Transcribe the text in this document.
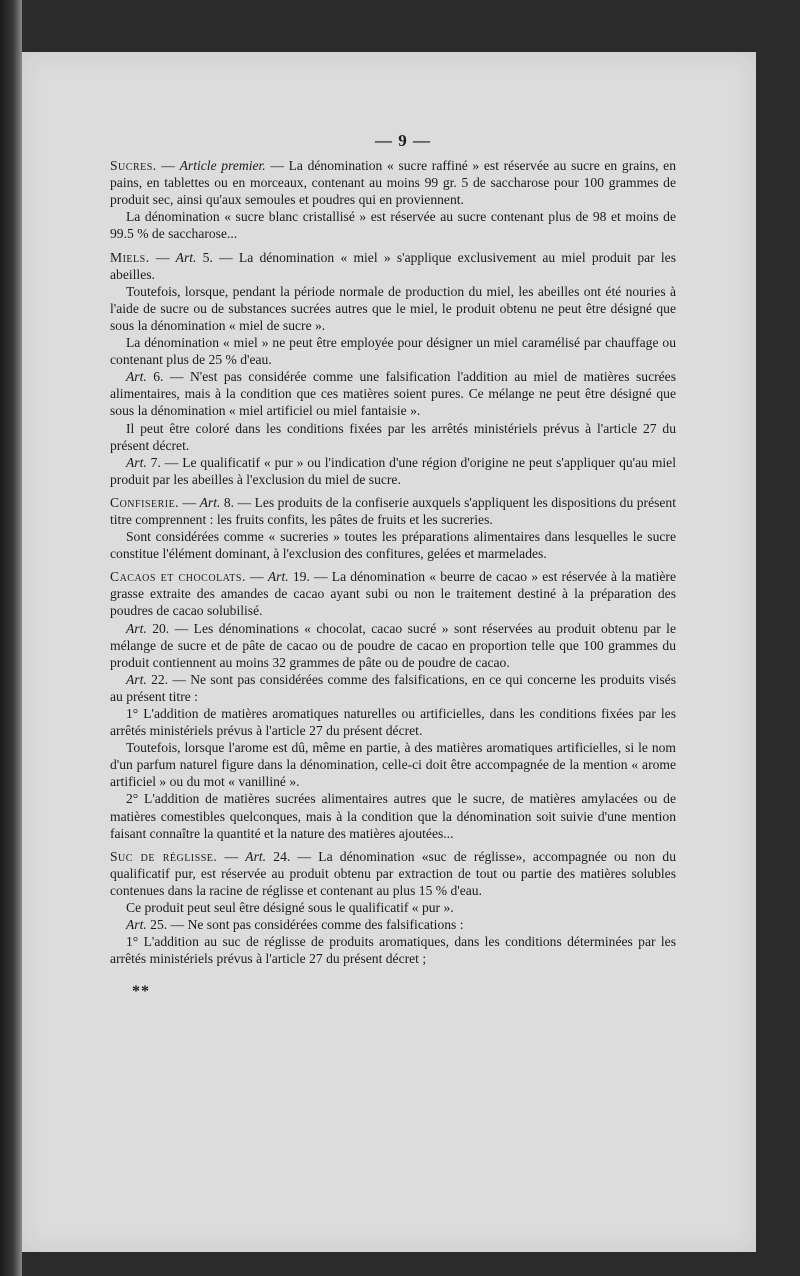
— 9 —

Sucres. — Article premier. — La dénomination « sucre raffiné » est réservée au sucre en grains, en pains, en tablettes ou en morceaux, contenant au moins 99 gr. 5 de saccharose pour 100 grammes de produit sec, ainsi qu'aux semoules et poudres qui en proviennent.

La dénomination « sucre blanc cristallisé » est réservée au sucre contenant plus de 98 et moins de 99.5 % de saccharose...

Miels. — Art. 5. — La dénomination « miel » s'applique exclusivement au miel produit par les abeilles.

Toutefois, lorsque, pendant la période normale de production du miel, les abeilles ont été nouries à l'aide de sucre ou de substances sucrées autres que le miel, le produit obtenu ne peut être désigné que sous la dénomination « miel de sucre ».

La dénomination « miel » ne peut être employée pour désigner un miel caramélisé par chauffage ou contenant plus de 25 % d'eau.

Art. 6. — N'est pas considérée comme une falsification l'addition au miel de matières sucrées alimentaires, mais à la condition que ces matières soient pures. Ce mélange ne peut être désigné que sous la dénomination « miel artificiel ou miel fantaisie ».

Il peut être coloré dans les conditions fixées par les arrêtés ministériels prévus à l'article 27 du présent décret.

Art. 7. — Le qualificatif « pur » ou l'indication d'une région d'origine ne peut s'appliquer qu'au miel produit par les abeilles à l'exclusion du miel de sucre.

Confiserie. — Art. 8. — Les produits de la confiserie auxquels s'appliquent les dispositions du présent titre comprennent : les fruits confits, les pâtes de fruits et les sucreries.

Sont considérées comme « sucreries » toutes les préparations alimentaires dans lesquelles le sucre constitue l'élément dominant, à l'exclusion des confitures, gelées et marmelades.

Cacaos et chocolats. — Art. 19. — La dénomination « beurre de cacao » est réservée à la matière grasse extraite des amandes de cacao ayant subi ou non le traitement destiné à la préparation des poudres de cacao solubilisé.

Art. 20. — Les dénominations « chocolat, cacao sucré » sont réservées au produit obtenu par le mélange de sucre et de pâte de cacao ou de poudre de cacao en proportion telle que 100 grammes du produit contiennent au moins 32 grammes de pâte ou de poudre de cacao.

Art. 22. — Ne sont pas considérées comme des falsifications, en ce qui concerne les produits visés au présent titre :

1° L'addition de matières aromatiques naturelles ou artificielles, dans les conditions fixées par les arrêtés ministériels prévus à l'article 27 du présent décret.

Toutefois, lorsque l'arome est dû, même en partie, à des matières aromatiques artificielles, si le nom d'un parfum naturel figure dans la dénomination, celle-ci doit être accompagnée de la mention « arome artificiel » ou du mot « vanilliné ».

2° L'addition de matières sucrées alimentaires autres que le sucre, de matières amylacées ou de matières comestibles quelconques, mais à la condition que la dénomination soit suivie d'une mention faisant connaître la quantité et la nature des matières ajoutées...

Suc de réglisse. — Art. 24. — La dénomination «suc de réglisse», accompagnée ou non du qualificatif pur, est réservée au produit obtenu par extraction de tout ou partie des matières solubles contenues dans la racine de réglisse et contenant au plus 15 % d'eau.

Ce produit peut seul être désigné sous le qualificatif « pur ».

Art. 25. — Ne sont pas considérées comme des falsifications :

1° L'addition au suc de réglisse de produits aromatiques, dans les conditions déterminées par les arrêtés ministériels prévus à l'article 27 du présent décret ;

**
